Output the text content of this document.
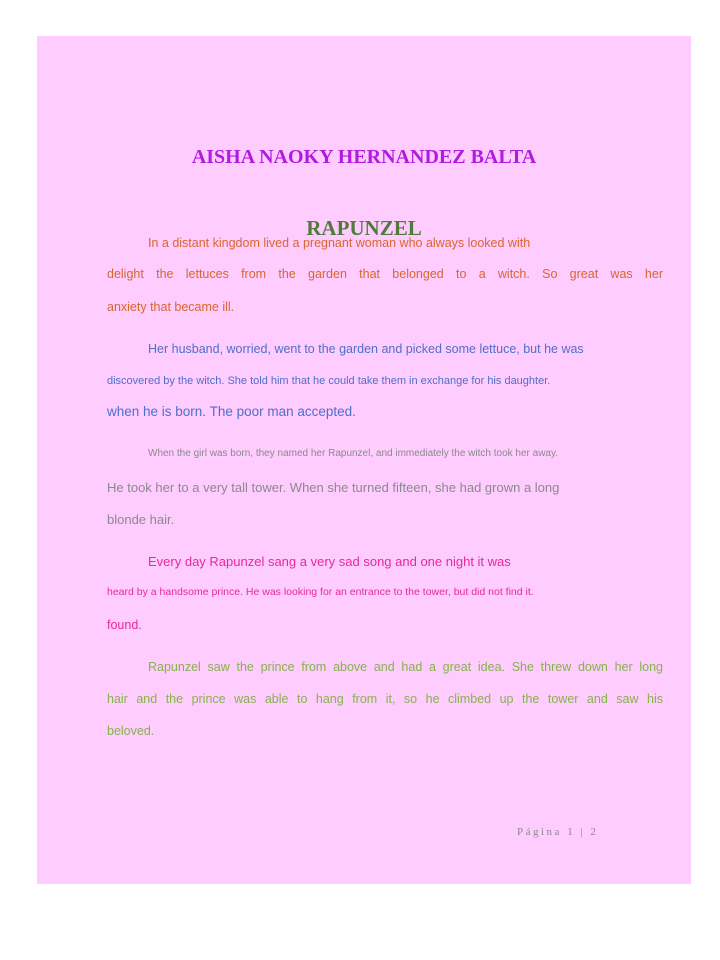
AISHA NAOKY HERNANDEZ BALTA
RAPUNZEL

In a distant kingdom lived a pregnant woman who always looked with

delight the lettuces from the garden that belonged to a witch. So great was her

anxiety that became ill.

Her husband, worried, went to the garden and picked some lettuce, but he was

discovered by the witch. She told him that he could take them in exchange for his daughter.

when he is born. The poor man accepted.

When the girl was born, they named her Rapunzel, and immediately the witch took her away.

He took her to a very tall tower. When she turned fifteen, she had grown a long

blonde hair.

Every day Rapunzel sang a very sad song and one night it was

heard by a handsome prince. He was looking for an entrance to the tower, but did not find it.

found.

Rapunzel saw the prince from above and had a great idea. She threw down her long

hair and the prince was able to hang from it, so he climbed up the tower and saw his

beloved.

Página 1 | 2
